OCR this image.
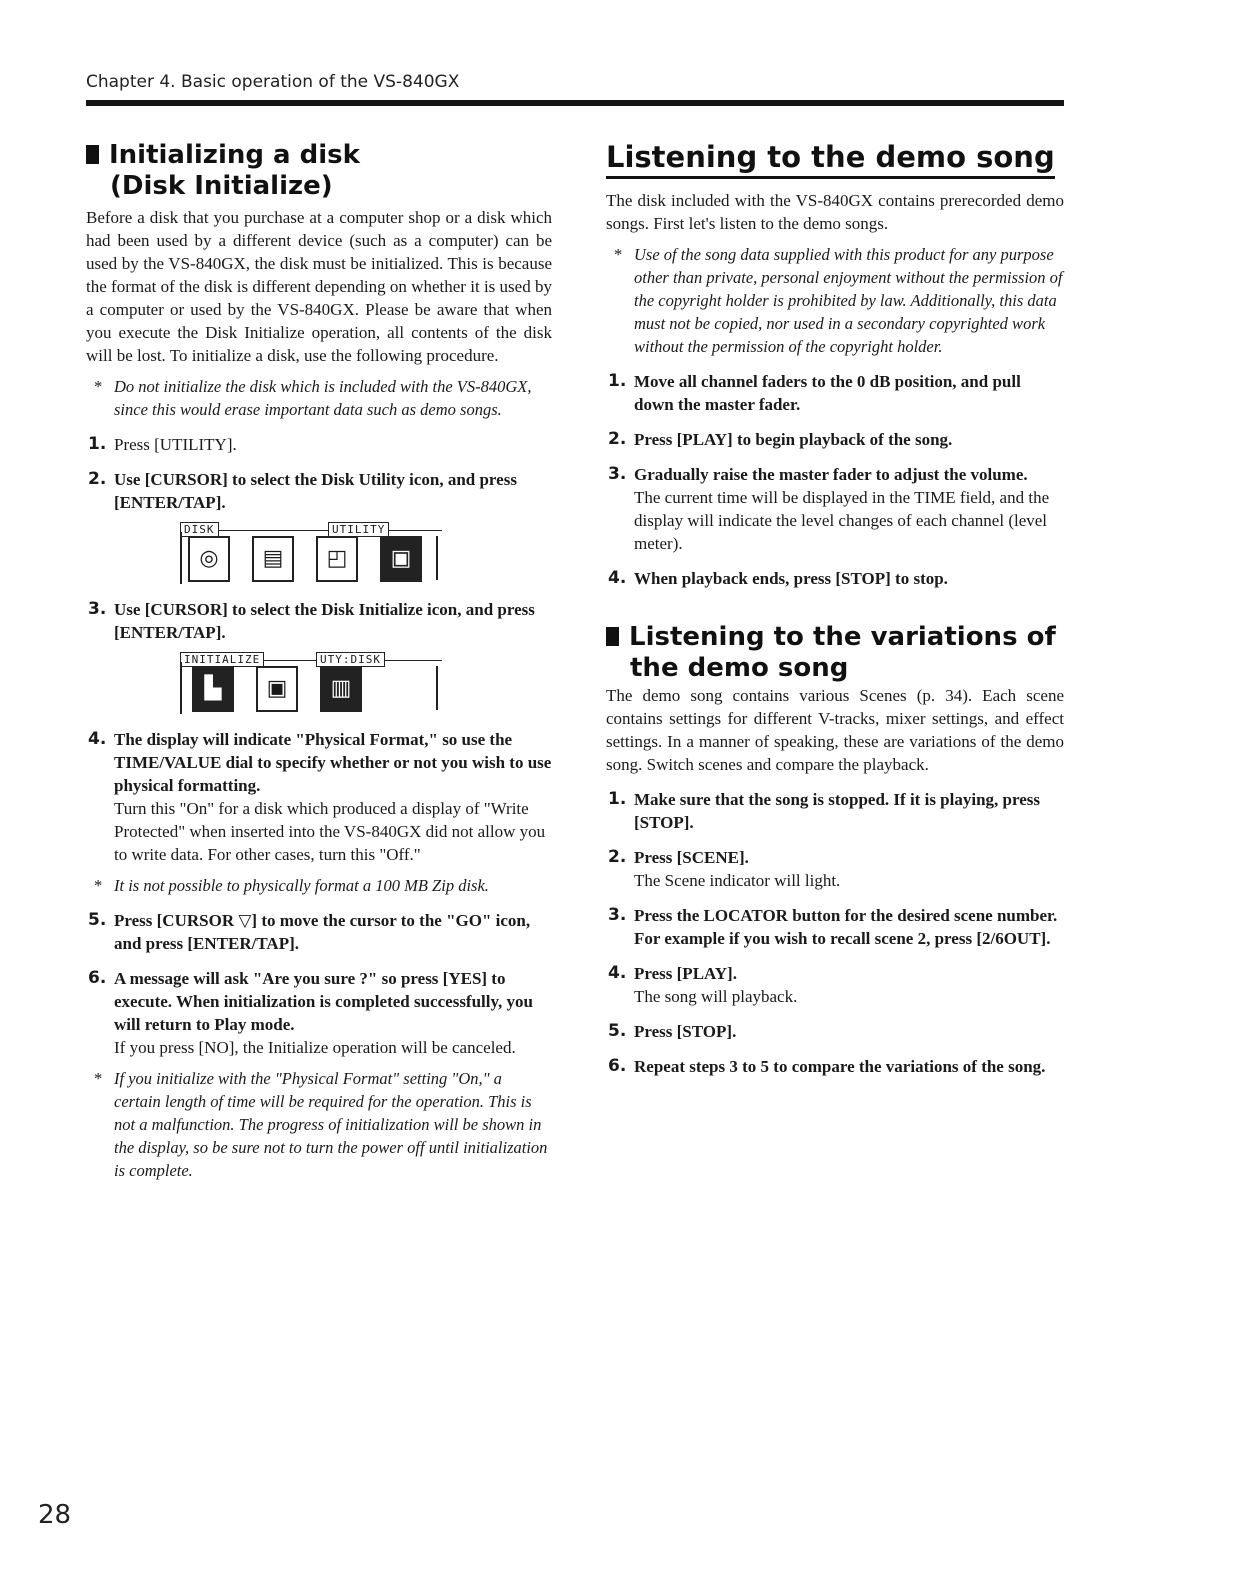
Chapter 4. Basic operation of the VS-840GX
Initializing a disk
(Disk Initialize)

Before a disk that you purchase at a computer shop or a disk which had been used by a different device (such as a computer) can be used by the VS-840GX, the disk must be initialized. This is because the format of the disk is different depending on whether it is used by a computer or used by the VS-840GX. Please be aware that when you execute the Disk Initialize operation, all contents of the disk will be lost. To initialize a disk, use the following procedure.

* Do not initialize the disk which is included with the VS-840GX, since this would erase important data such as demo songs.
1. Press [UTILITY].
2. Use [CURSOR] to select the Disk Utility icon, and press [ENTER/TAP].
DISK	UTILITY
◎	▤	◰	▣
3. Use [CURSOR] to select the Disk Initialize icon, and press [ENTER/TAP].
INITIALIZE	UTY:DISK
▙	▣	▥
4. The display will indicate "Physical Format," so use the TIME/VALUE dial to specify whether or not you wish to use physical formatting.
Turn this "On" for a disk which produced a display of "Write Protected" when inserted into the VS-840GX did not allow you to write data. For other cases, turn this "Off."
* It is not possible to physically format a 100 MB Zip disk.
5. Press [CURSOR ▽] to move the cursor to the "GO" icon, and press [ENTER/TAP].
6. A message will ask "Are you sure ?" so press [YES] to execute. When initialization is completed successfully, you will return to Play mode.
If you press [NO], the Initialize operation will be canceled.
* If you initialize with the "Physical Format" setting "On," a certain length of time will be required for the operation. This is not a malfunction. The progress of initialization will be shown in the display, so be sure not to turn the power off until initialization is complete.
Listening to the demo song

The disk included with the VS-840GX contains prerecorded demo songs. First let's listen to the demo songs.

* Use of the song data supplied with this product for any purpose other than private, personal enjoyment without the permission of the copyright holder is prohibited by law. Additionally, this data must not be copied, nor used in a secondary copyrighted work without the permission of the copyright holder.
1. Move all channel faders to the 0 dB position, and pull down the master fader.
2. Press [PLAY] to begin playback of the song.
3. Gradually raise the master fader to adjust the volume.
The current time will be displayed in the TIME field, and the display will indicate the level changes of each channel (level meter).
4. When playback ends, press [STOP] to stop.
Listening to the variations of
the demo song

The demo song contains various Scenes (p. 34). Each scene contains settings for different V-tracks, mixer settings, and effect settings. In a manner of speaking, these are variations of the demo song. Switch scenes and compare the playback.

1. Make sure that the song is stopped. If it is playing, press [STOP].
2. Press [SCENE].
The Scene indicator will light.
3. Press the LOCATOR button for the desired scene number. For example if you wish to recall scene 2, press [2/6OUT].
4. Press [PLAY].
The song will playback.
5. Press [STOP].
6. Repeat steps 3 to 5 to compare the variations of the song.
28
